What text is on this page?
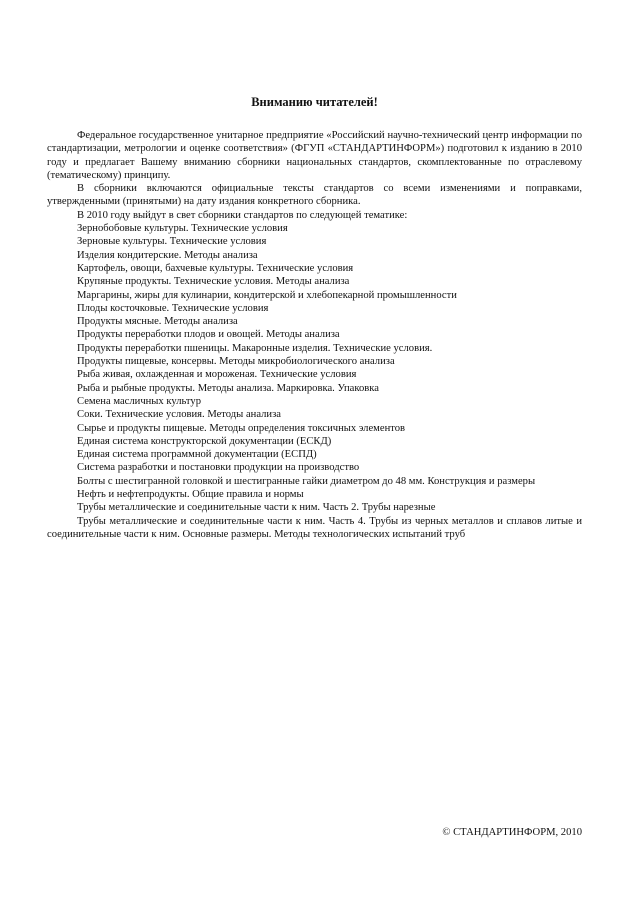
Вниманию читателей!

Федеральное государственное унитарное предприятие «Российский научно-технический центр информации по стандартизации, метрологии и оценке соответствия» (ФГУП «СТАНДАРТИНФОРМ») подготовил к изданию в 2010 году и предлагает Вашему вниманию сборники национальных стандартов, скомплектованные по отраслевому (тематическому) принципу.

В сборники включаются официальные тексты стандартов со всеми изменениями и поправками, утвержденными (принятыми) на дату издания конкретного сборника.

В 2010 году выйдут в свет сборники стандартов по следующей тематике:

Зернобобовые культуры. Технические условия

Зерновые культуры. Технические условия

Изделия кондитерские. Методы анализа

Картофель, овощи, бахчевые культуры. Технические условия

Крупяные продукты. Технические условия. Методы анализа

Маргарины, жиры для кулинарии, кондитерской и хлебопекарной промышленности

Плоды косточковые. Технические условия

Продукты мясные. Методы анализа

Продукты переработки плодов и овощей. Методы анализа

Продукты переработки пшеницы. Макаронные изделия. Технические условия.

Продукты пищевые, консервы. Методы микробиологического анализа

Рыба живая, охлажденная и мороженая. Технические условия

Рыба и рыбные продукты. Методы анализа. Маркировка. Упаковка

Семена масличных культур

Соки. Технические условия. Методы анализа

Сырье и продукты пищевые. Методы определения токсичных элементов

Единая система конструкторской документации (ЕСКД)

Единая система программной документации (ЕСПД)

Система разработки и постановки продукции на производство

Болты с шестигранной головкой и шестигранные гайки диаметром до 48 мм. Конструкция и размеры

Нефть и нефтепродукты. Общие правила и нормы

Трубы металлические и соединительные части к ним. Часть 2. Трубы нарезные

Трубы металлические и соединительные части к ним. Часть 4. Трубы из черных металлов и сплавов литые и соединительные части к ним. Основные размеры. Методы технологических испытаний труб

© СТАНДАРТИНФОРМ, 2010
